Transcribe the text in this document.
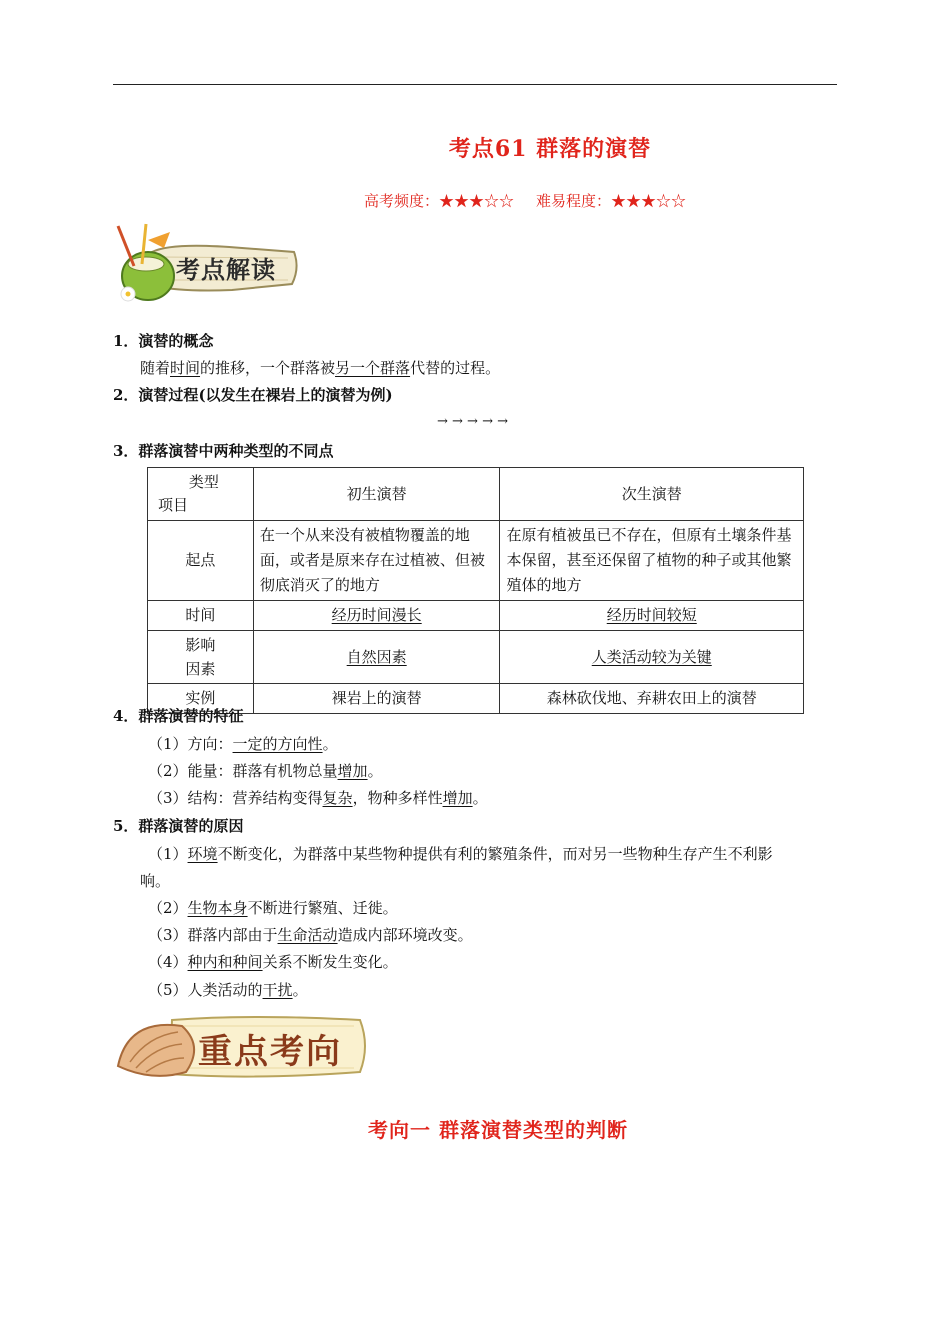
考点61 群落的演替
高考频度：★★★☆☆ 难易程度：★★★☆☆
考点解读
1．演替的概念
随着时间的推移，一个群落被另一个群落代替的过程。
2．演替过程(以发生在裸岩上的演替为例)
→ → → → →
3．群落演替中两种类型的不同点
类型
项目	初生演替	次生演替
起点	在一个从来没有被植物覆盖的地面，或者是原来存在过植被、但被彻底消灭了的地方	在原有植被虽已不存在，但原有土壤条件基本保留，甚至还保留了植物的种子或其他繁殖体的地方
时间	经历时间漫长	经历时间较短
影响因素	自然因素	人类活动较为关键
实例	裸岩上的演替	森林砍伐地、弃耕农田上的演替
4．群落演替的特征
（1）方向：一定的方向性。
（2）能量：群落有机物总量增加。
（3）结构：营养结构变得复杂，物种多样性增加。
5．群落演替的原因
（1）环境不断变化，为群落中某些物种提供有利的繁殖条件，而对另一些物种生存产生不利影
响。
（2）生物本身不断进行繁殖、迁徙。
（3）群落内部由于生命活动造成内部环境改变。
（4）种内和种间关系不断发生变化。
（5）人类活动的干扰。
重点考向
考向一 群落演替类型的判断
